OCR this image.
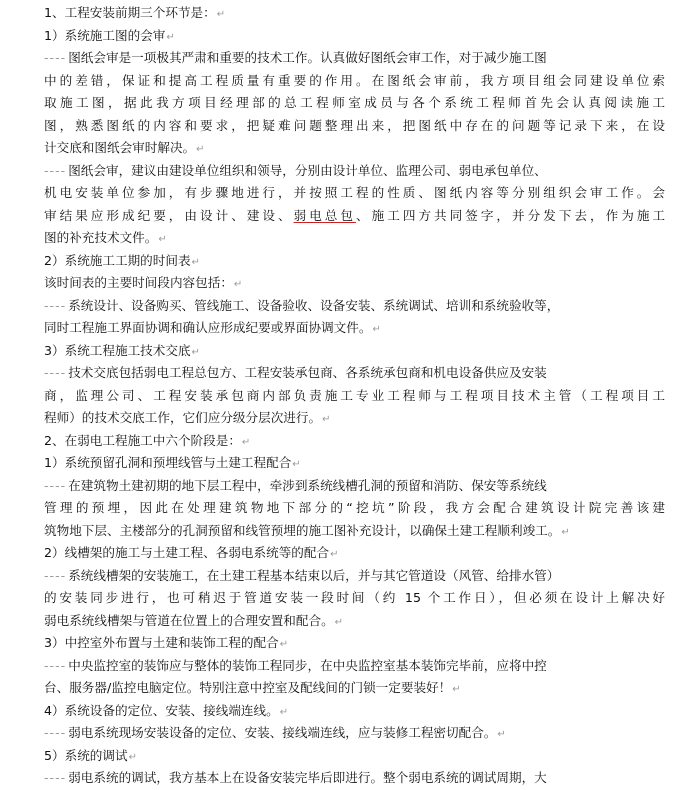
1、工程安装前期三个环节是：↵
1）系统施工图的会审↵
---- 图纸会审是一项极其严肃和重要的技术工作。认真做好图纸会审工作，对于减少施工图
中的差错，保证和提高工程质量有重要的作用。在图纸会审前，我方项目组会同建设单位索
取施工图，据此我方项目经理部的总工程师室成员与各个系统工程师首先会认真阅读施工
图，熟悉图纸的内容和要求，把疑难问题整理出来，把图纸中存在的问题等记录下来，在设
计交底和图纸会审时解决。↵
---- 图纸会审，建议由建设单位组织和领导，分别由设计单位、监理公司、弱电承包单位、
机电安装单位参加，有步骤地进行，并按照工程的性质、图纸内容等分别组织会审工作。会
审结果应形成纪要，由设计、建设、弱电总包、施工四方共同签字，并分发下去，作为施工
图的补充技术文件。↵
2）系统施工工期的时间表↵
该时间表的主要时间段内容包括：↵
---- 系统设计、设备购买、管线施工、设备验收、设备安装、系统调试、培训和系统验收等，
同时工程施工界面协调和确认应形成纪要或界面协调文件。↵
3）系统工程施工技术交底↵
---- 技术交底包括弱电工程总包方、工程安装承包商、各系统承包商和机电设备供应及安装
商，监理公司、工程安装承包商内部负责施工专业工程师与工程项目技术主管（工程项目工
程师）的技术交底工作，它们应分级分层次进行。↵
2、在弱电工程施工中六个阶段是：↵
1）系统预留孔洞和预埋线管与土建工程配合↵
---- 在建筑物土建初期的地下层工程中，牵涉到系统线槽孔洞的预留和消防、保安等系统线
管理的预埋，因此在处理建筑物地下部分的“挖坑”阶段，我方会配合建筑设计院完善该建
筑物地下层、主楼部分的孔洞预留和线管预埋的施工图补充设计，以确保土建工程顺利竣工。↵
2）线槽架的施工与土建工程、各弱电系统等的配合↵
---- 系统线槽架的安装施工，在土建工程基本结束以后，并与其它管道设（风管、给排水管）
的安装同步进行，也可稍迟于管道安装一段时间（约 15 个工作日），但必须在设计上解决好
弱电系统线槽架与管道在位置上的合理安置和配合。↵
3）中控室外布置与土建和装饰工程的配合↵
---- 中央监控室的装饰应与整体的装饰工程同步，在中央监控室基本装饰完毕前，应将中控
台、服务器/监控电脑定位。特别注意中控室及配线间的门锁一定要装好！↵
4）系统设备的定位、安装、接线端连线。↵
---- 弱电系统现场安装设备的定位、安装、接线端连线，应与装修工程密切配合。↵
5）系统的调试↵
---- 弱电系统的调试，我方基本上在设备安装完毕后即进行。整个弱电系统的调试周期，大
